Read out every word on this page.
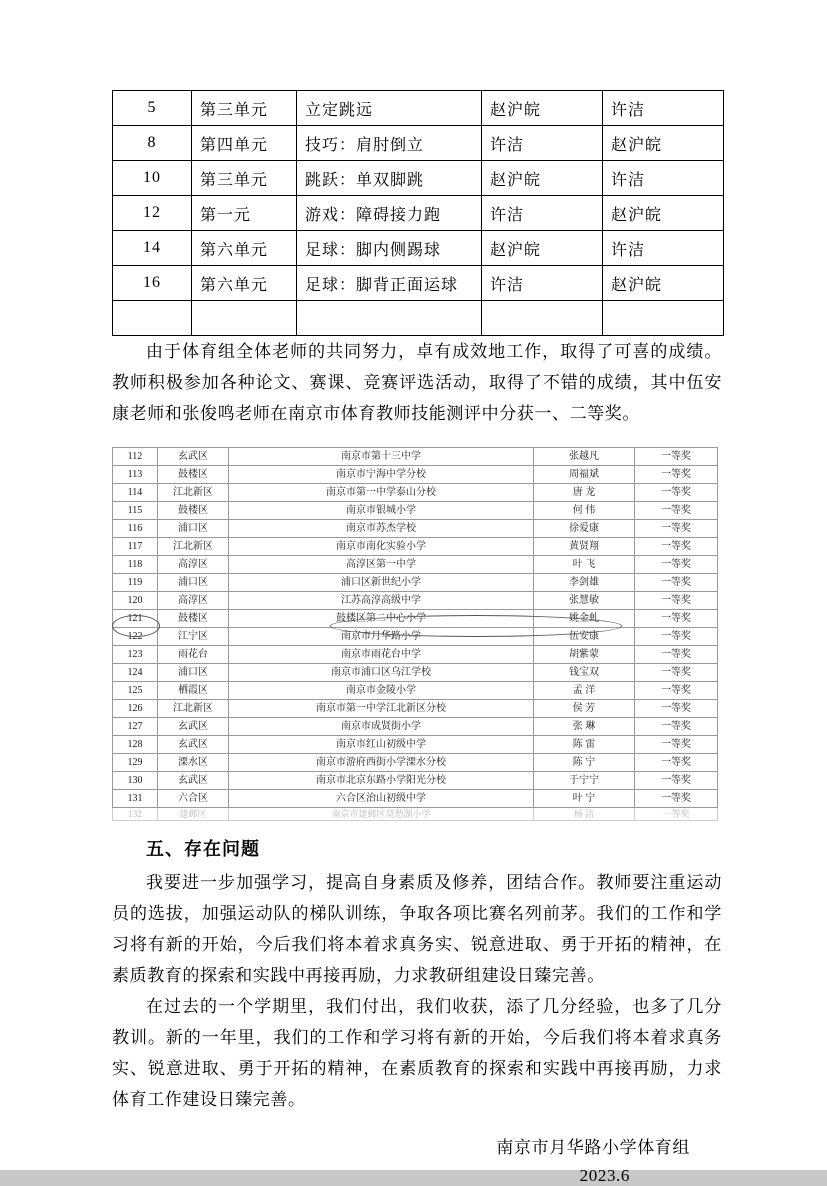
5	第三单元	立定跳远	赵沪皖	许洁
8	第四单元	技巧：肩肘倒立	许洁	赵沪皖
10	第三单元	跳跃：单双脚跳	赵沪皖	许洁
12	第一元	游戏：障碍接力跑	许洁	赵沪皖
14	第六单元	足球：脚内侧踢球	赵沪皖	许洁
16	第六单元	足球：脚背正面运球	许洁	赵沪皖

由于体育组全体老师的共同努力，卓有成效地工作，取得了可喜的成绩。教师积极参加各种论文、赛课、竞赛评选活动，取得了不错的成绩，其中伍安康老师和张俊鸣老师在南京市体育教师技能测评中分获一、二等奖。

112	玄武区	南京市第十三中学	张越凡	一等奖
113	鼓楼区	南京市宁海中学分校	周福斌	一等奖
114	江北新区	南京市第一中学泰山分校	唐 龙	一等奖
115	鼓楼区	南京市银城小学	何 伟	一等奖
116	浦口区	南京市苏杰学校	徐爱康	一等奖
117	江北新区	南京市南化实验小学	黄贤翔	一等奖
118	高淳区	高淳区第一中学	叶 飞	一等奖
119	浦口区	浦口区新世纪小学	李剑雄	一等奖
120	高淳区	江苏高淳高级中学	张慧敏	一等奖
121	鼓楼区	鼓楼区第二中心小学	姚金虬	一等奖
122	江宁区	南京市月华路小学	伍安康	一等奖
123	雨花台	南京市雨花台中学	胡紫蒙	一等奖
124	浦口区	南京市浦口区乌江学校	钱宝双	一等奖
125	栖霞区	南京市金陵小学	孟 洋	一等奖
126	江北新区	南京市第一中学江北新区分校	侯 芳	一等奖
127	玄武区	南京市成贤街小学	张 琳	一等奖
128	玄武区	南京市红山初级中学	陈 雷	一等奖
129	溧水区	南京市游府西街小学溧水分校	陈 宁	一等奖
130	玄武区	南京市北京东路小学阳光分校	于宁宁	一等奖
131	六合区	六合区治山初级中学	叶 宁	一等奖
132	建邺区	南京市建邺区莫愁湖小学	杨 洁	一等奖
五、存在问题

我要进一步加强学习，提高自身素质及修养，团结合作。教师要注重运动员的选拔，加强运动队的梯队训练，争取各项比赛名列前茅。我们的工作和学习将有新的开始，今后我们将本着求真务实、锐意进取、勇于开拓的精神，在素质教育的探索和实践中再接再励，力求教研组建设日臻完善。

在过去的一个学期里，我们付出，我们收获，添了几分经验，也多了几分教训。新的一年里，我们的工作和学习将有新的开始，今后我们将本着求真务实、锐意进取、勇于开拓的精神，在素质教育的探索和实践中再接再励，力求体育工作建设日臻完善。

南京市月华路小学体育组
2023.6
